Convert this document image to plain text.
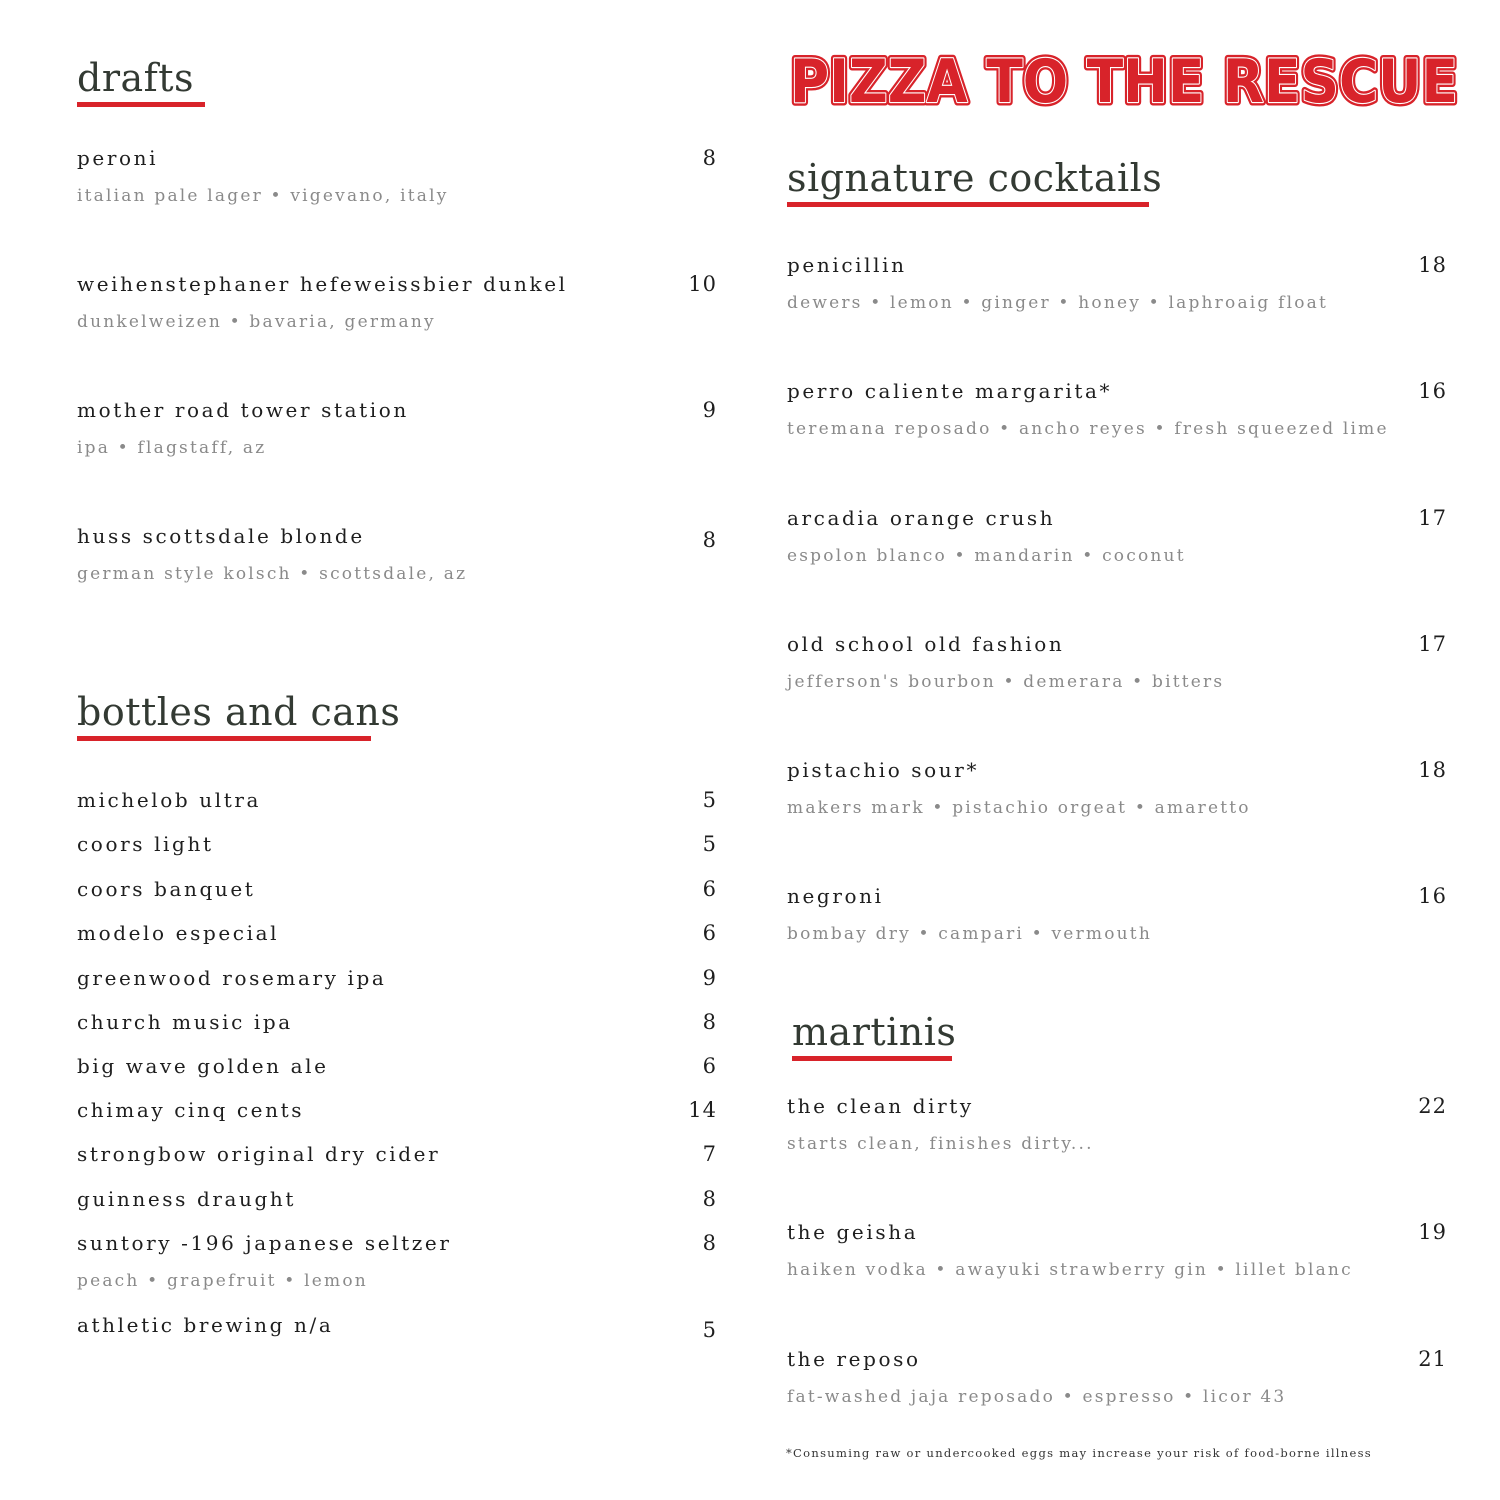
drafts
peroni	8
italian pale lager • vigevano, italy
weihenstephaner hefeweissbier dunkel	10
dunkelweizen • bavaria, germany
mother road tower station	9
ipa • flagstaff, az
huss scottsdale blonde	8
german style kolsch • scottsdale, az
bottles and cans
michelob ultra	5
coors light	5
coors banquet	6
modelo especial	6
greenwood rosemary ipa	9
church music ipa	8
big wave golden ale	6
chimay cinq cents	14
strongbow original dry cider	7
guinness draught	8
suntory -196 japanese seltzer	8
peach • grapefruit • lemon
athletic brewing n/a	5
PIZZA TO THE RESCUE
PIZZA TO THE RESCUE
PIZZA TO THE RESCUE
signature cocktails
penicillin	18
dewers • lemon • ginger • honey • laphroaig float
perro caliente margarita*	16
teremana reposado • ancho reyes • fresh squeezed lime
arcadia orange crush	17
espolon blanco • mandarin • coconut
old school old fashion	17
jefferson's bourbon • demerara • bitters
pistachio sour*	18
makers mark • pistachio orgeat • amaretto
negroni	16
bombay dry • campari • vermouth
martinis
the clean dirty	22
starts clean, finishes dirty...
the geisha	19
haiken vodka • awayuki strawberry gin • lillet blanc
the reposo	21
fat-washed jaja reposado • espresso • licor 43
*Consuming raw or undercooked eggs may increase your risk of food-borne illness
